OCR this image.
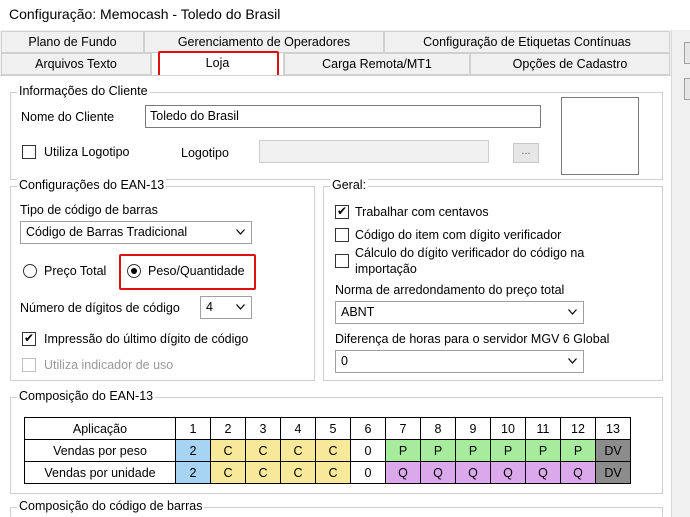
Configuração: Memocash - Toledo do Brasil
Plano de Fundo	Gerenciamento de Operadores	Configuração de Etiquetas Contínuas
Arquivos Texto	Loja	Carga Remota/MT1	Opções de Cadastro
Informações do Cliente
Nome do Cliente	Toledo do Brasil
Utiliza Logotipo	Logotipo	...
Configurações do EAN-13
Tipo de código de barras
Código de Barras Tradicional
Preço Total	Peso/Quantidade
Número de dígitos de código	4
✔ Impressão do último dígito de código
Utiliza indicador de uso
Geral:
✔ Trabalhar com centavos
Código do item com dígito verificador
Cálculo do dígito verificador do código na
importação
Norma de arredondamento do preço total
ABNT
Diferença de horas para o servidor MGV 6 Global
0
Composição do EAN-13
Aplicação	1	2	3	4	5	6	7	8	9	10	11	12	13
Vendas por peso	2	C	C	C	C	0	P	P	P	P	P	P	DV
Vendas por unidade	2	C	C	C	C	0	Q	Q	Q	Q	Q	Q	DV
Composição do código de barras
